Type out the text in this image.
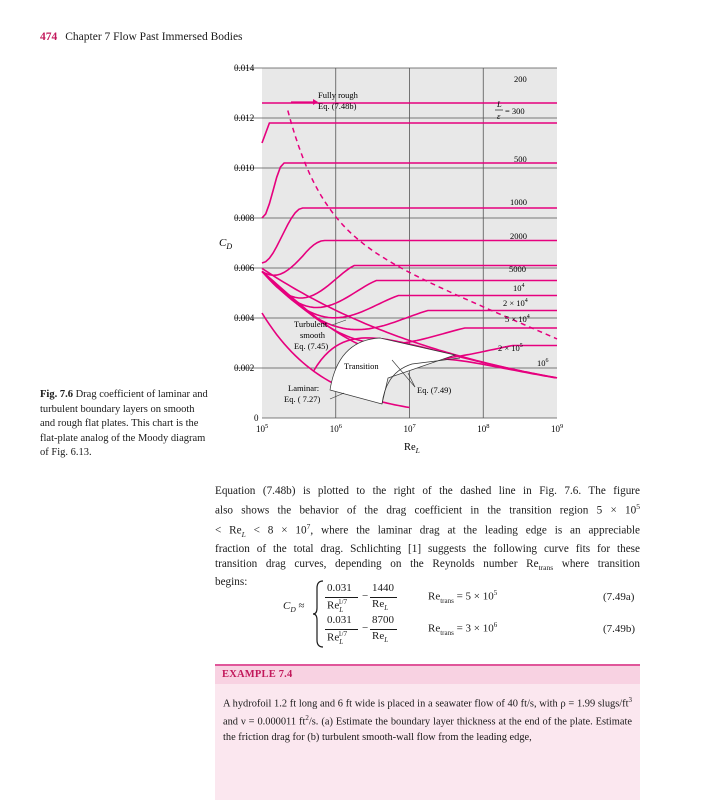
474 Chapter 7 Flow Past Immersed Bodies
Fully rough
Eq. (7.48b)
200
L
ε = 300
500
1000
2000
5000
$10^4$
$2 \times 10^4$
$5 \times 10^4$
$2 \times 10^5$
$10^6$
Turbulent
smooth
Eq. (7.45)
Laminar:
Eq. ( 7.27)
Transition
Eq. (7.49)
0
0.002
0.004
0.006
0.008
0.010
0.012
0.014
$10^5$	$10^6$	$10^7$	$10^8$	$10^9$
$C_D$
$Re_L$
Fig. 7.6 Drag coefficient of laminar and turbulent boundary layers on smooth and rough flat plates. This chart is the flat-plate analog of the Moody diagram of Fig. 6.13.
Equation (7.48b) is plotted to the right of the dashed line in Fig. 7.6. The figure
also shows the behavior of the drag coefficient in the transition region $5 \times 10^5$
< $Re_L < 8 \times 10^7$, where the laminar drag at the leading edge is an appreciable
fraction of the total drag. Schlichting [1] suggests the following curve fits for these
transition drag curves, depending on the Reynolds number $Re_{trans}$ where transition
begins:
$C_D$ ≈
0.031
$Re_L^{1/7}$	−
1440
$Re_L$
$Re_{trans} = 5 \times 10^5$	(7.49a)
0.031
$Re_L^{1/7}$	−
8700
$Re_L$
$Re_{trans} = 3 \times 10^6$	(7.49b)
EXAMPLE 7.4

A hydrofoil 1.2 ft long and 6 ft wide is placed in a seawater flow of 40 ft/s, with ρ = 1.99 slugs/$ft^3$ and ν = 0.000011 $ft^2/s$. (a) Estimate the boundary layer thickness at the end of the plate. Estimate the friction drag for (b) turbulent smooth-wall flow from the leading edge,
